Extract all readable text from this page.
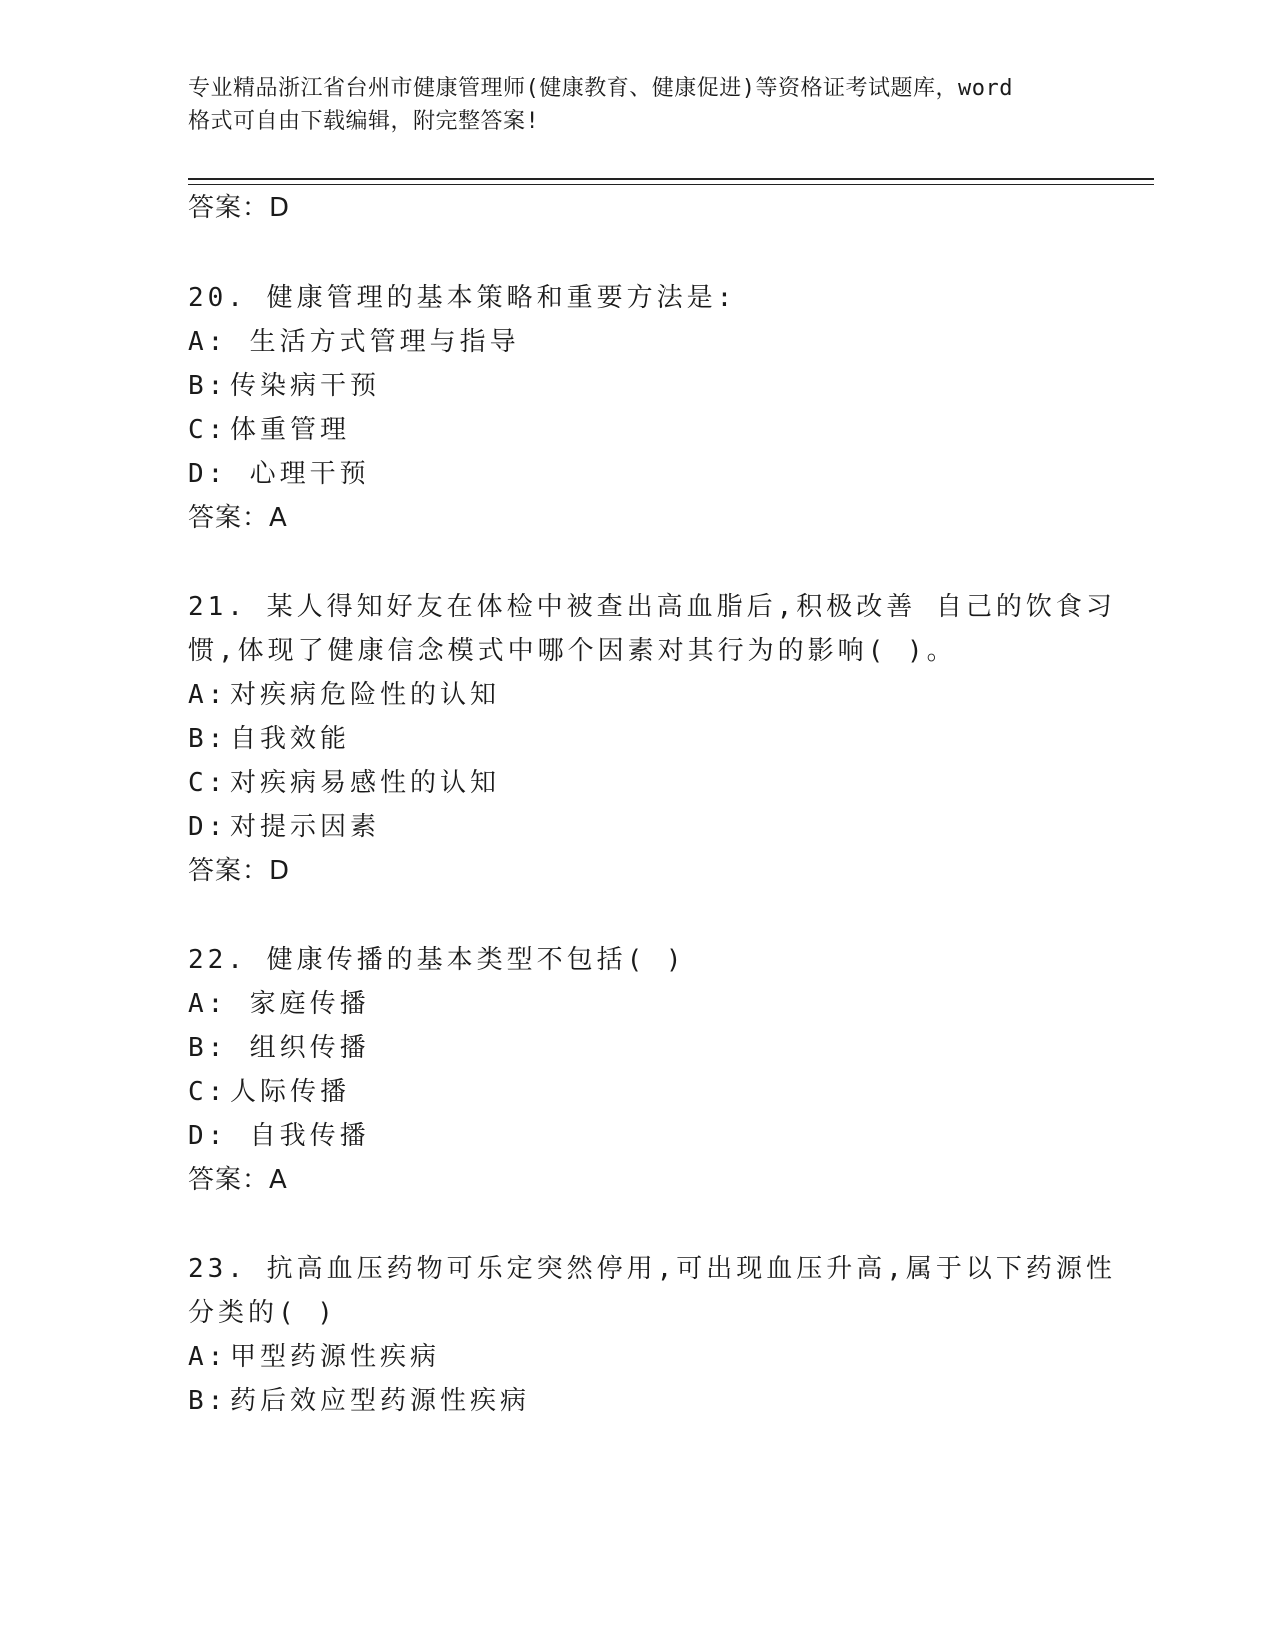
专业精品浙江省台州市健康管理师(健康教育、健康促进)等资格证考试题库，word
格式可自由下载编辑，附完整答案!
答案：D
20. 健康管理的基本策略和重要方法是:
A: 生活方式管理与指导
B: 传染病干预
C: 体重管理
D: 心理干预
答案：A
21. 某人得知好友在体检中被查出高血脂后,积极改善 自己的饮食习
惯,体现了健康信念模式中哪个因素对其行为的影响( )。
A: 对疾病危险性的认知
B: 自我效能
C: 对疾病易感性的认知
D: 对提示因素
答案：D
22. 健康传播的基本类型不包括( )
A: 家庭传播
B: 组织传播
C: 人际传播
D: 自我传播
答案：A
23. 抗高血压药物可乐定突然停用,可出现血压升高,属于以下药源性
分类的( )
A: 甲型药源性疾病
B: 药后效应型药源性疾病
